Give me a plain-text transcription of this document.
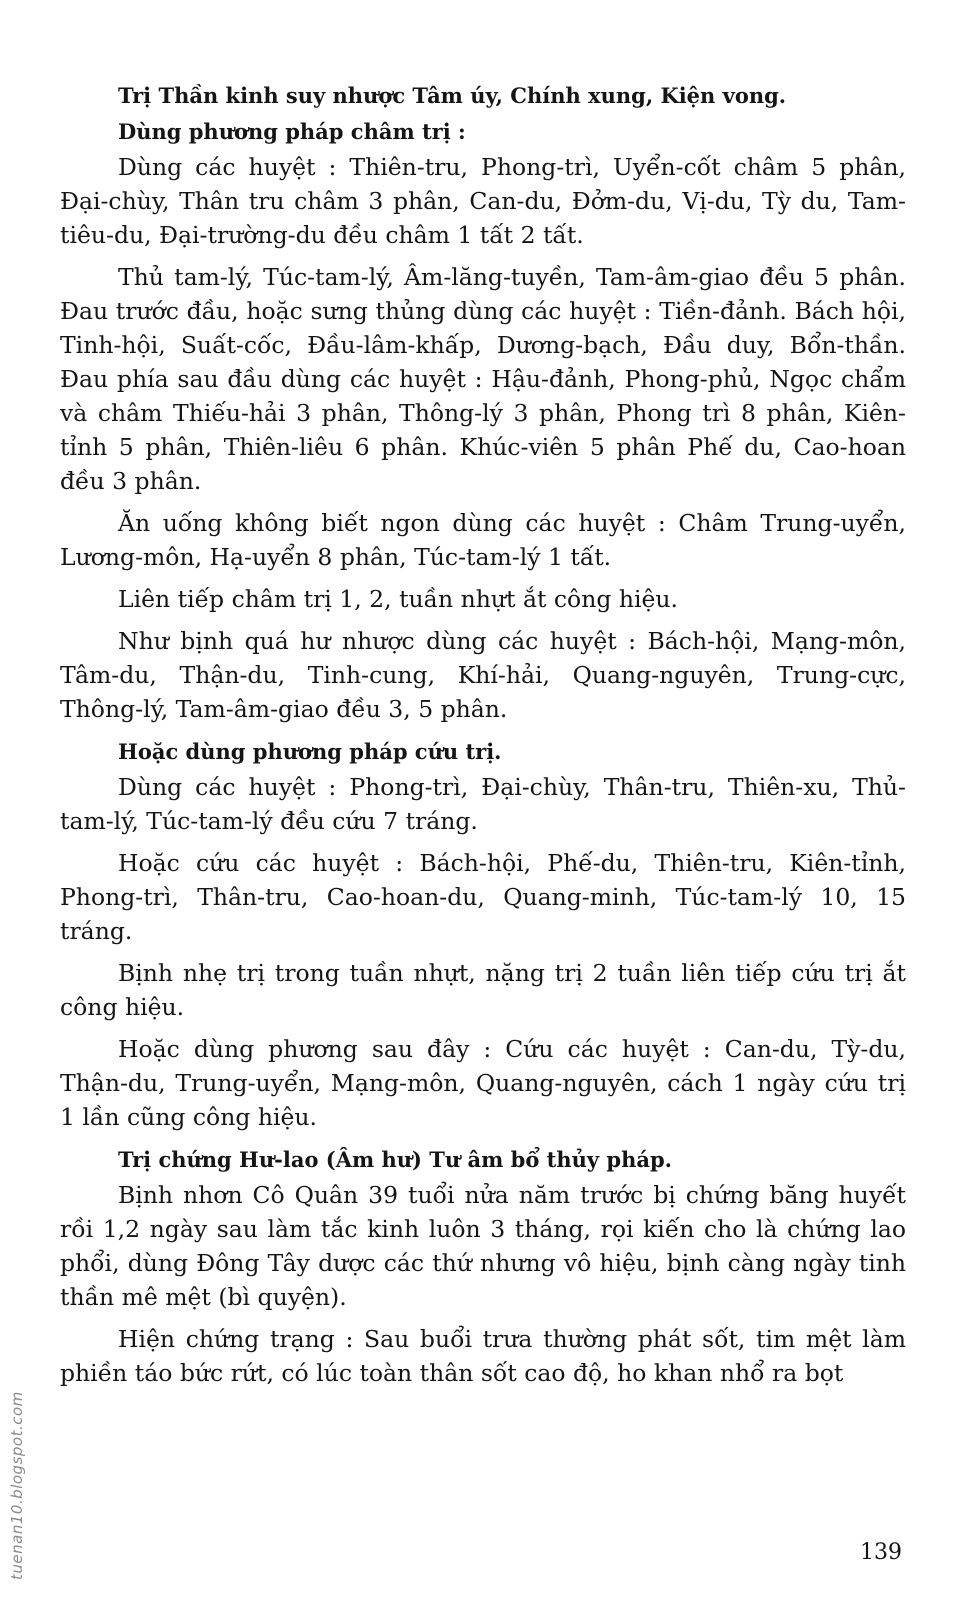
Trị Thần kinh suy nhược Tâm úy, Chính xung, Kiện vong.

Dùng phương pháp châm trị :

Dùng các huyệt : Thiên-tru, Phong-trì, Uyển-cốt châm 5 phân, Đại-chùy, Thân tru châm 3 phân, Can-du, Đởm-du, Vị-du, Tỳ du, Tam-tiêu-du, Đại-trường-du đều châm 1 tất 2 tất.

Thủ tam-lý, Túc-tam-lý, Âm-lăng-tuyền, Tam-âm-giao đều 5 phân. Đau trước đầu, hoặc sưng thủng dùng các huyệt : Tiền-đảnh. Bách hội, Tinh-hội, Suất-cốc, Đầu-lâm-khấp, Dương-bạch, Đầu duy, Bổn-thần. Đau phía sau đầu dùng các huyệt : Hậu-đảnh, Phong-phủ, Ngọc chẩm và châm Thiếu-hải 3 phân, Thông-lý 3 phân, Phong trì 8 phân, Kiên-tỉnh 5 phân, Thiên-liêu 6 phân. Khúc-viên 5 phân Phế du, Cao-hoan đều 3 phân.

Ăn uống không biết ngon dùng các huyệt : Châm Trung-uyển, Lương-môn, Hạ-uyển 8 phân, Túc-tam-lý 1 tất.

Liên tiếp châm trị 1, 2, tuần nhựt ắt công hiệu.

Như bịnh quá hư nhược dùng các huyệt : Bách-hội, Mạng-môn, Tâm-du, Thận-du, Tinh-cung, Khí-hải, Quang-nguyên, Trung-cực, Thông-lý, Tam-âm-giao đều 3, 5 phân.

Hoặc dùng phương pháp cứu trị.

Dùng các huyệt : Phong-trì, Đại-chùy, Thân-tru, Thiên-xu, Thủ-tam-lý, Túc-tam-lý đều cứu 7 tráng.

Hoặc cứu các huyệt : Bách-hội, Phế-du, Thiên-tru, Kiên-tỉnh, Phong-trì, Thân-tru, Cao-hoan-du, Quang-minh, Túc-tam-lý 10, 15 tráng.

Bịnh nhẹ trị trong tuần nhựt, nặng trị 2 tuần liên tiếp cứu trị ắt công hiệu.

Hoặc dùng phương sau đây : Cứu các huyệt : Can-du, Tỳ-du, Thận-du, Trung-uyển, Mạng-môn, Quang-nguyên, cách 1 ngày cứu trị 1 lần cũng công hiệu.

Trị chứng Hư-lao (Âm hư) Tư âm bổ thủy pháp.

Bịnh nhơn Cô Quân 39 tuổi nửa năm trước bị chứng băng huyết rồi 1,2 ngày sau làm tắc kinh luôn 3 tháng, rọi kiến cho là chứng lao phổi, dùng Đông Tây dược các thứ nhưng vô hiệu, bịnh càng ngày tinh thần mê mệt (bì quyện).

Hiện chứng trạng : Sau buổi trưa thường phát sốt, tim mệt làm phiền táo bức rứt, có lúc toàn thân sốt cao độ, ho khan nhổ ra bọt

139
tuenan10.blogspot.com
